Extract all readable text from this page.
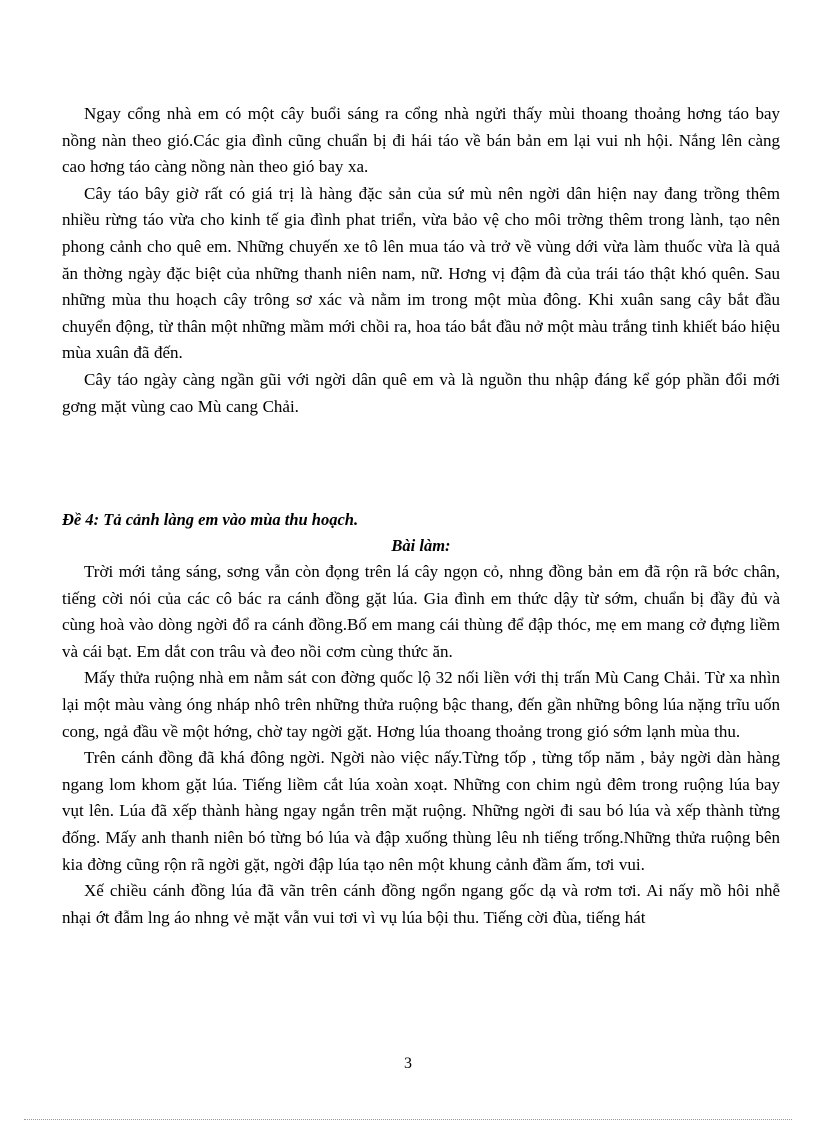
Ngay cổng nhà em có một cây buổi sáng ra cổng nhà ngửi thấy mùi thoang thoảng hơng táo bay nồng nàn theo gió.Các gia đình cũng chuẩn bị đi hái táo về bán bản em lại vui nh hội. Nắng lên càng cao hơng táo càng nồng nàn theo gió bay xa.

Cây táo bây giờ rất có giá trị là hàng đặc sản của sứ mù nên ngời dân hiện nay đang trồng thêm nhiều rừng táo vừa cho kinh tế gia đình phat triển, vừa bảo vệ cho môi trờng thêm trong lành, tạo nên phong cảnh cho quê em. Những chuyến xe tô lên mua táo và trở về vùng dới vừa làm thuốc vừa là quả ăn thờng ngày đặc biệt của những thanh niên nam, nữ. Hơng vị đậm đà của trái táo thật khó quên. Sau những mùa thu hoạch cây trông sơ xác và nằm im trong một mùa đông. Khi xuân sang cây bắt đầu chuyển động, từ thân một những mầm mới chồi ra, hoa táo bắt đầu nở một màu trắng tinh khiết báo hiệu mùa xuân đã đến.

Cây táo ngày càng ngần gũi với ngời dân quê em và là nguồn thu nhập đáng kể góp phần đổi mới gơng mặt vùng cao Mù cang Chải.

Đề 4: Tả cảnh làng em vào mùa thu hoạch.

Bài làm:

Trời mới tảng sáng, sơng vẫn còn đọng trên lá cây ngọn cỏ, nhng đồng bản em đã rộn rã bớc chân, tiếng cời nói của các cô bác ra cánh đồng gặt lúa. Gia đình em thức dậy từ sớm, chuẩn bị đầy đủ và cùng hoà vào dòng ngời đổ ra cánh đồng.Bố em mang cái thùng để đập thóc, mẹ em mang cở đựng liềm và cái bạt. Em dắt con trâu và đeo nồi cơm cùng thức ăn.

Mấy thửa ruộng nhà em nằm sát con đờng quốc lộ 32 nối liền với thị trấn Mù Cang Chải. Từ xa nhìn lại một màu vàng óng nháp nhô trên những thửa ruộng bậc thang, đến gần những bông lúa nặng trĩu uốn cong, ngả đầu về một hớng, chờ tay ngời gặt. Hơng lúa thoang thoảng trong gió sớm lạnh mùa thu.

Trên cánh đồng đã khá đông ngời. Ngời nào việc nấy.Từng tốp , từng tốp năm , bảy ngời dàn hàng ngang lom khom gặt lúa. Tiếng liềm cắt lúa xoàn xoạt. Những con chim ngủ đêm trong ruộng lúa bay vụt lên. Lúa đã xếp thành hàng ngay ngắn trên mặt ruộng. Những ngời đi sau bó lúa và xếp thành từng đống. Mấy anh thanh niên bó từng bó lúa và đập xuống thùng lêu nh tiếng trống.Những thửa ruộng bên kia đờng cũng rộn rã ngời gặt, ngời đập lúa tạo nên một khung cảnh đầm ấm, tơi vui.

Xế chiều cánh đồng lúa đã vãn trên cánh đồng ngổn ngang gốc dạ và rơm tơi. Ai nấy mồ hôi nhễ nhại ớt đẫm lng áo nhng vẻ mặt vẫn vui tơi vì vụ lúa bội thu. Tiếng cời đùa, tiếng hát

3
